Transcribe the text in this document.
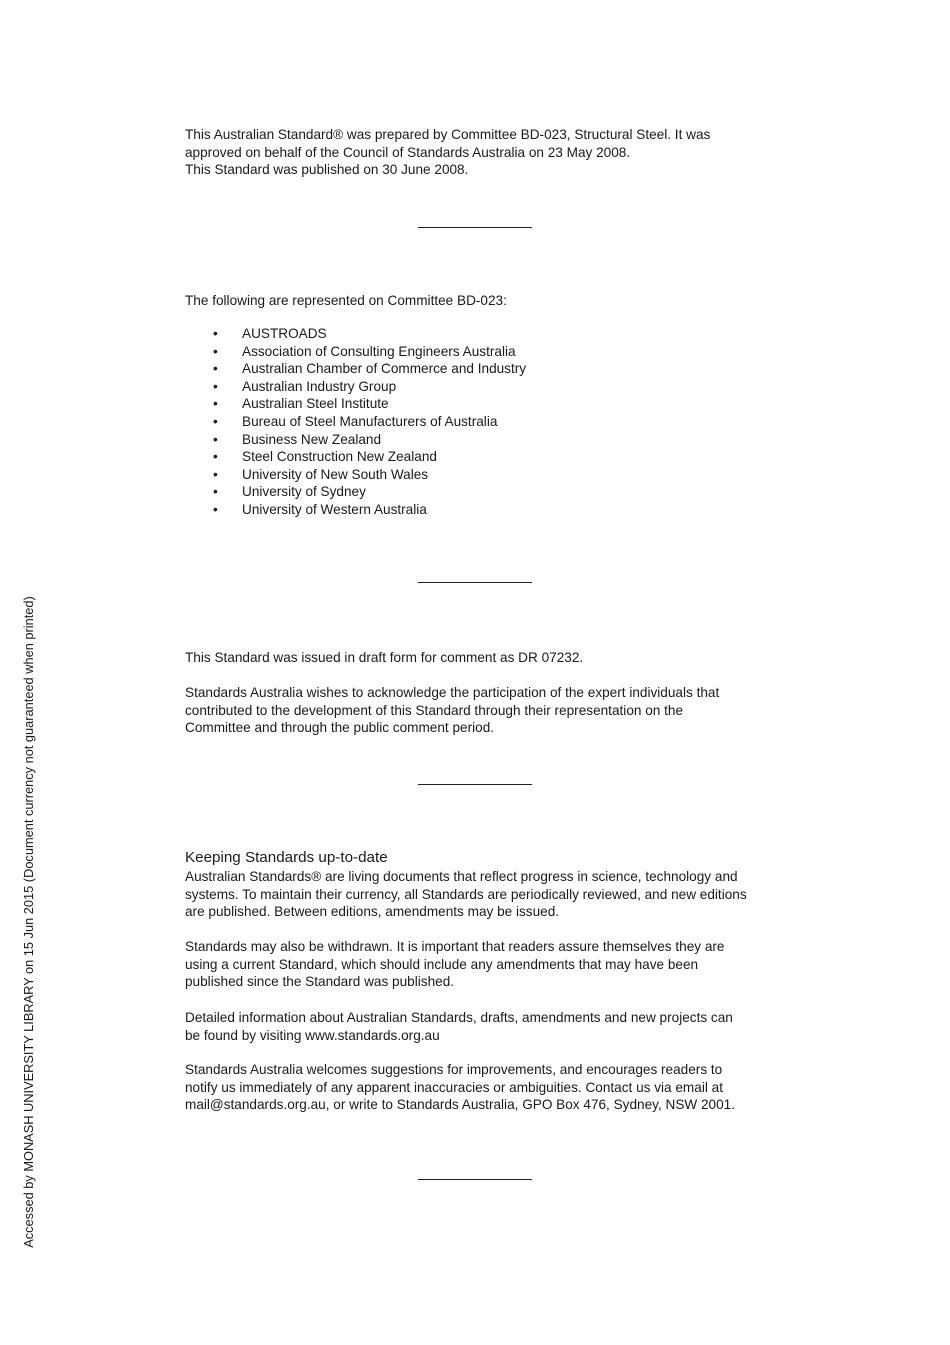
This Australian Standard® was prepared by Committee BD-023, Structural Steel. It was
approved on behalf of the Council of Standards Australia on 23 May 2008.
This Standard was published on 30 June 2008.

The following are represented on Committee BD-023:

• AUSTROADS
• Association of Consulting Engineers Australia
• Australian Chamber of Commerce and Industry
• Australian Industry Group
• Australian Steel Institute
• Bureau of Steel Manufacturers of Australia
• Business New Zealand
• Steel Construction New Zealand
• University of New South Wales
• University of Sydney
• University of Western Australia

This Standard was issued in draft form for comment as DR 07232.

Standards Australia wishes to acknowledge the participation of the expert individuals that
contributed to the development of this Standard through their representation on the
Committee and through the public comment period.
Keeping Standards up-to-date
Australian Standards® are living documents that reflect progress in science, technology and
systems. To maintain their currency, all Standards are periodically reviewed, and new editions
are published. Between editions, amendments may be issued.
Standards may also be withdrawn. It is important that readers assure themselves they are
using a current Standard, which should include any amendments that may have been
published since the Standard was published.
Detailed information about Australian Standards, drafts, amendments and new projects can
be found by visiting www.standards.org.au
Standards Australia welcomes suggestions for improvements, and encourages readers to
notify us immediately of any apparent inaccuracies or ambiguities. Contact us via email at
mail@standards.org.au, or write to Standards Australia, GPO Box 476, Sydney, NSW 2001.
Accessed by MONASH UNIVERSITY LIBRARY on 15 Jun 2015 (Document currency not guaranteed when printed)
